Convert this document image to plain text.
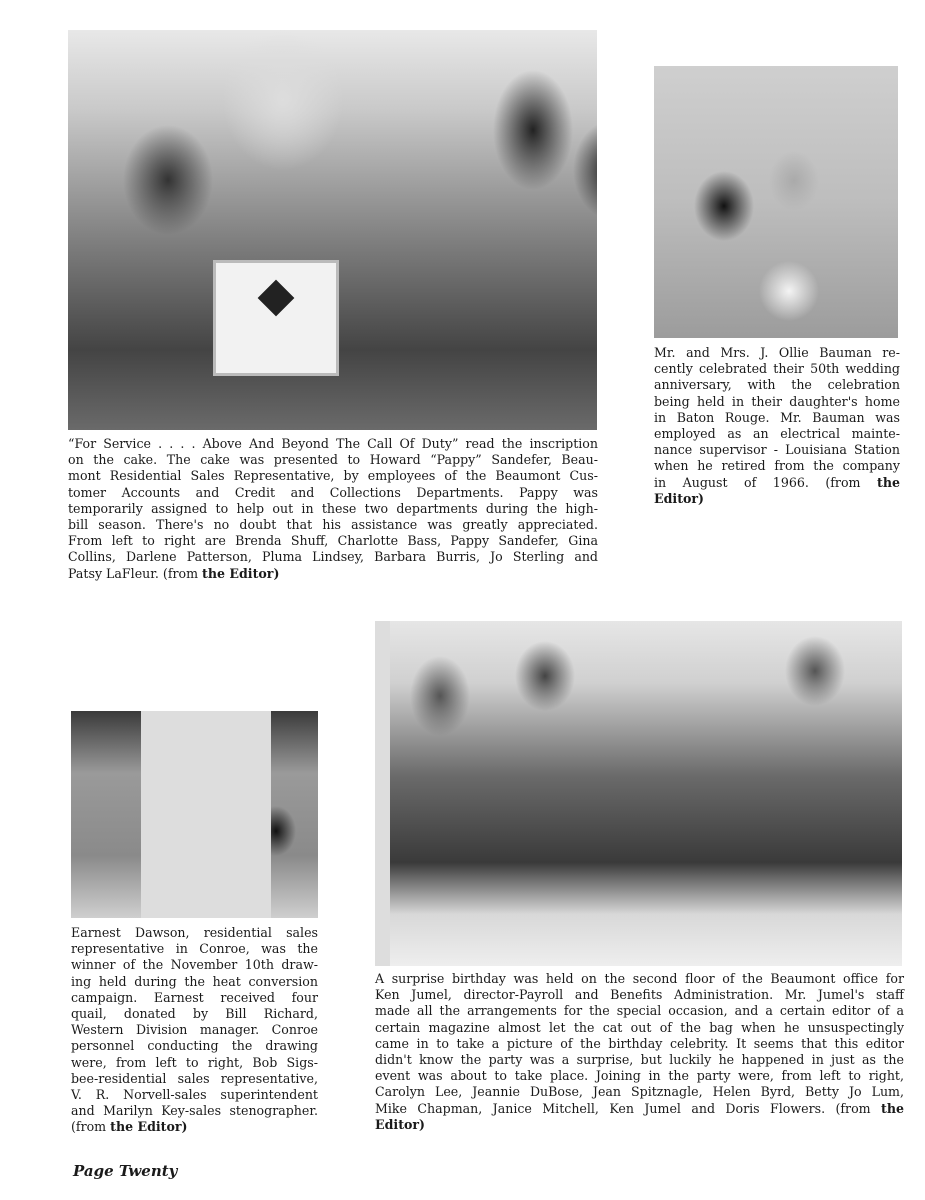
“For Service . . . . Above And Beyond The Call Of Duty” read the inscription
on the cake. The cake was presented to Howard “Pappy” Sandefer, Beau-
mont Residential Sales Representative, by employees of the Beaumont Cus-
tomer Accounts and Credit and Collections Departments. Pappy was
temporarily assigned to help out in these two departments during the high-
bill season. There's no doubt that his assistance was greatly appreciated.
From left to right are Brenda Shuff, Charlotte Bass, Pappy Sandefer, Gina
Collins, Darlene Patterson, Pluma Lindsey, Barbara Burris, Jo Sterling and
Patsy LaFleur. (from the Editor)
Mr. and Mrs. J. Ollie Bauman re-
cently celebrated their 50th wedding
anniversary, with the celebration
being held in their daughter's home
in Baton Rouge. Mr. Bauman was
employed as an electrical mainte-
nance supervisor - Louisiana Station
when he retired from the company
in August of 1966. (from the
Editor)
Earnest Dawson, residential sales
representative in Conroe, was the
winner of the November 10th draw-
ing held during the heat conversion
campaign. Earnest received four
quail, donated by Bill Richard,
Western Division manager. Conroe
personnel conducting the drawing
were, from left to right, Bob Sigs-
bee-residential sales representative,
V. R. Norvell-sales superintendent
and Marilyn Key-sales stenographer.
(from the Editor)
A surprise birthday was held on the second floor of the Beaumont office for
Ken Jumel, director-Payroll and Benefits Administration. Mr. Jumel's staff
made all the arrangements for the special occasion, and a certain editor of a
certain magazine almost let the cat out of the bag when he unsuspectingly
came in to take a picture of the birthday celebrity. It seems that this editor
didn't know the party was a surprise, but luckily he happened in just as the
event was about to take place. Joining in the party were, from left to right,
Carolyn Lee, Jeannie DuBose, Jean Spitznagle, Helen Byrd, Betty Jo Lum,
Mike Chapman, Janice Mitchell, Ken Jumel and Doris Flowers. (from the
Editor)
Page Twenty
